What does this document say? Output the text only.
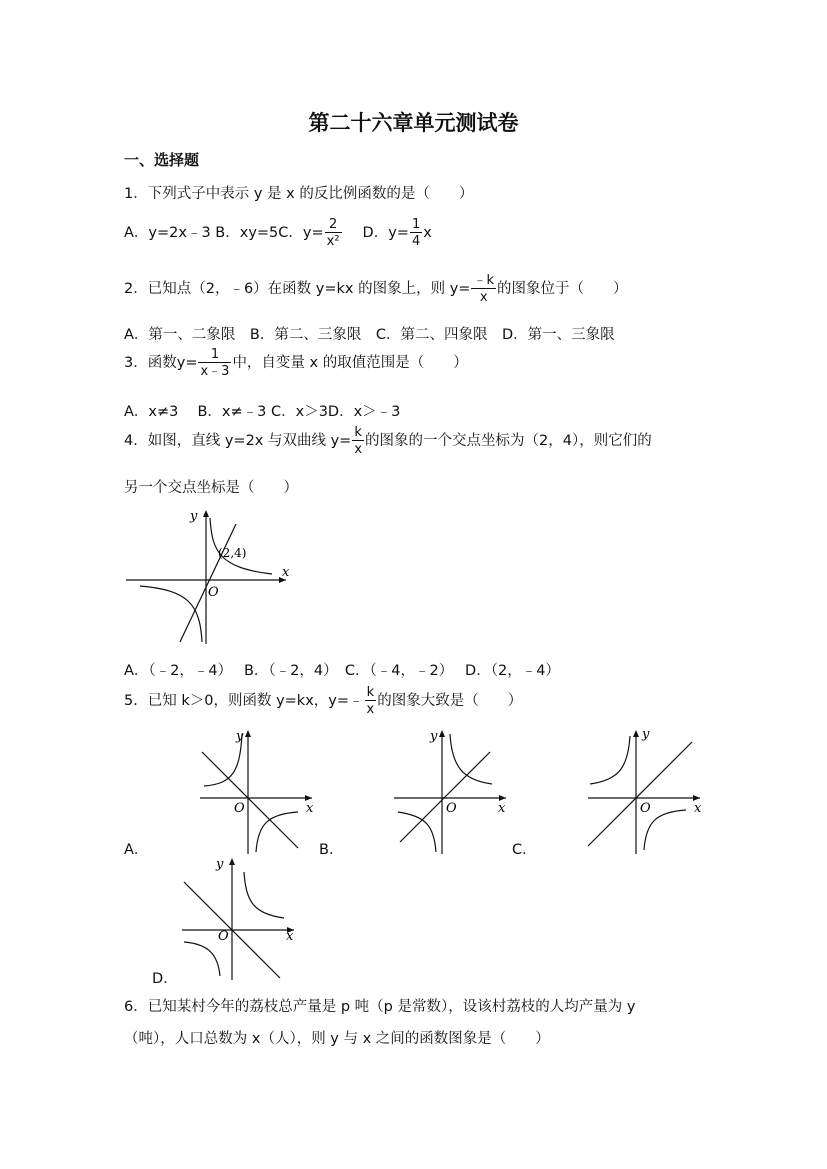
第二十六章单元测试卷
一、选择题
1．下列式子中表示 y 是 x 的反比例函数的是（　　）
A．y=2x﹣3 B．xy=5C．$y= \frac{2}{\text{x²}}$ D．$y= \frac{1}{4}$ x
2．已知点（2，﹣6）在函数 y=kx 的图象上，则 $y= \frac{﹣k}{x}$ 的图象位于（　　）
A．第一、二象限　B．第二、三象限　C．第二、四象限　D．第一、三象限
3．函数$y= \frac{1}{x﹣3}$ 中，自变量 x 的取值范围是（　　）
A．x≠3　 B．x≠﹣3 C．x＞3D．x＞﹣3
4．如图，直线 y=2x 与双曲线 $y= \frac{k}{x}$ 的图象的一个交点坐标为（2，4），则它们的
另一个交点坐标是（　　）
y
x
O
(2,4)
A．（﹣2，﹣4）　 B．（﹣2，4）　C．（﹣4，﹣2）　 D．（2，﹣4）
5．已知 k＞0，则函数 y=kx，y=﹣ $\frac{k}{x}$ 的图象大致是（　　）
y
x
O
A．
y
x
O
B．
y
x
O
C．
y
x
O
D．
6．已知某村今年的荔枝总产量是 p 吨（p 是常数），设该村荔枝的人均产量为 y
（吨），人口总数为 x（人），则 y 与 x 之间的函数图象是（　　）
